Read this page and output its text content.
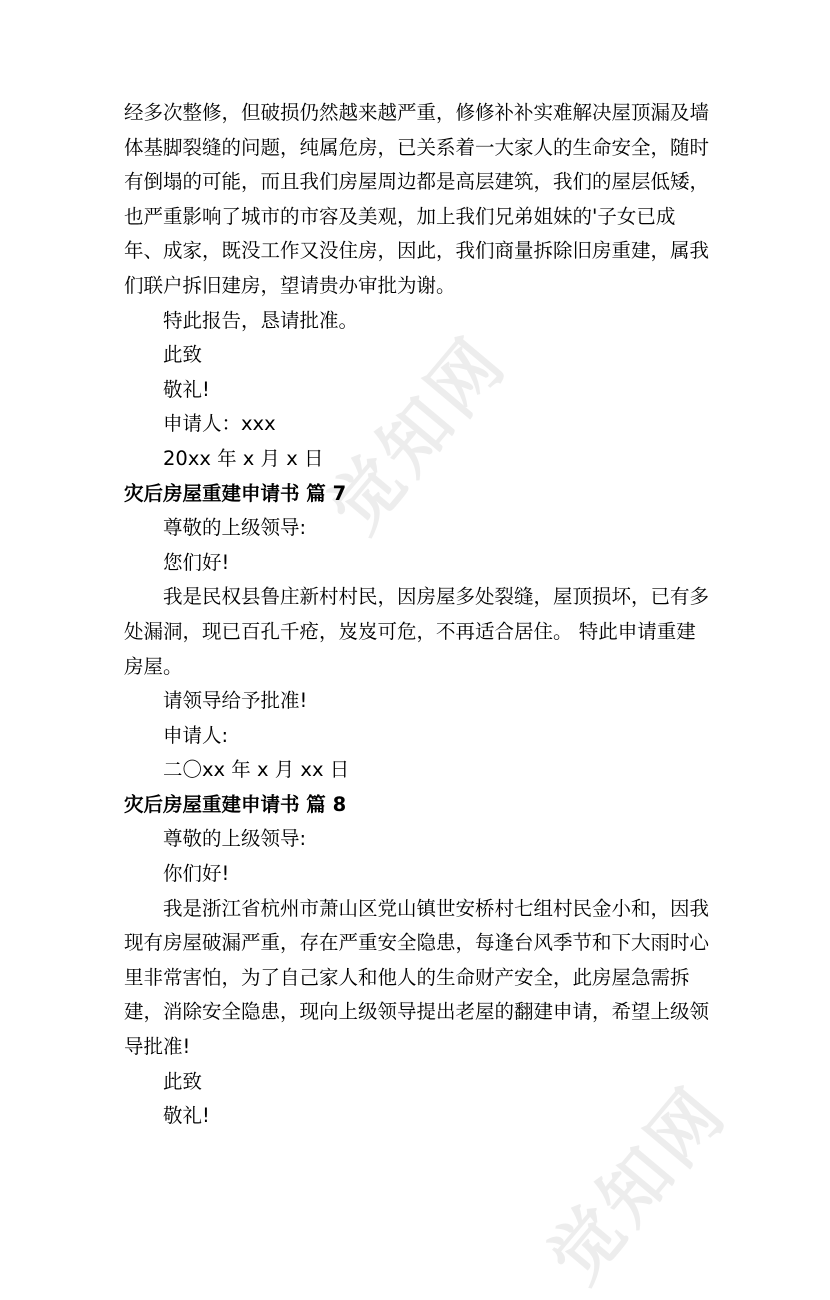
觉知网
觉知网

经多次整修，但破损仍然越来越严重，修修补补实难解决屋顶漏及墙体基脚裂缝的问题，纯属危房，已关系着一大家人的生命安全，随时有倒塌的可能，而且我们房屋周边都是高层建筑，我们的屋层低矮，也严重影响了城市的市容及美观，加上我们兄弟姐妹的'子女已成年、成家，既没工作又没住房，因此，我们商量拆除旧房重建，属我们联户拆旧建房，望请贵办审批为谢。

特此报告，恳请批准。

此致

敬礼!

申请人：xxx

20xx 年 x 月 x 日

灾后房屋重建申请书 篇 7

尊敬的上级领导:

您们好!

我是民权县鲁庄新村村民，因房屋多处裂缝，屋顶损坏，已有多处漏洞，现已百孔千疮，岌岌可危，不再适合居住。 特此申请重建房屋。

请领导给予批准!

申请人:

二〇xx 年 x 月 xx 日

灾后房屋重建申请书 篇 8

尊敬的上级领导:

你们好!

我是浙江省杭州市萧山区党山镇世安桥村七组村民金小和，因我现有房屋破漏严重，存在严重安全隐患，每逢台风季节和下大雨时心里非常害怕，为了自己家人和他人的生命财产安全，此房屋急需拆建，消除安全隐患，现向上级领导提出老屋的翻建申请，希望上级领导批准!

此致

敬礼!
